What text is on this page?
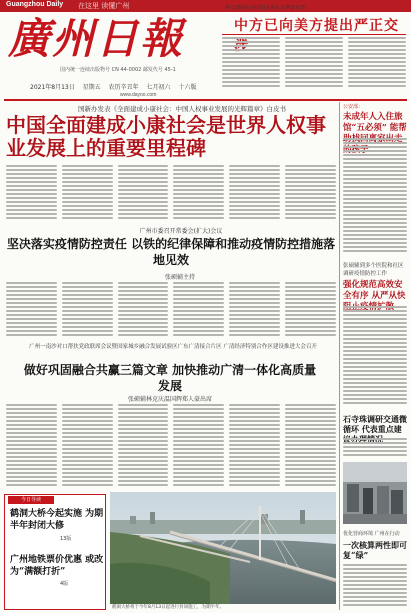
Guangzhou Daily 在这里 读懂广州
廣州日報
国内统一连续出版物号 CN 44-0002 邮发代号 45-1
2021年8月13日 星期五 农历辛丑年 七月初六 十六版
www.dayoo.com
外交部回应美国国会参议员窜访台湾
中方已向美方提出严正交涉
国新办发表《全面建成小康社会：中国人权事业发展的光辉篇章》白皮书
中国全面建成小康社会是世界人权事业发展上的重要里程碑
广州市委召开常委会(扩大)会议
坚决落实疫情防控责任 以铁的纪律保障和推动疫情防控措施落地见效
张硕辅主持
广州一南沙对口帮扶党政联席会议暨国家城乡融合发展试验区广东广清接合片区 广清经济特别合作区建设推进大会召开
做好巩固融合共赢三篇文章 加快推动广清一体化高质量发展
张硕辅林克庆温国辉郑人豪出席
今日导读
鹤洞大桥今起实施 为期半年封闭大修
13版
广州地铁票价优惠 或改为“满额打折”
4版
鹤洞大桥将于今年8月13日起进行封闭施工，为期半年。
公安部：
未成年人入住旅馆“五必须” 能帮
张硕辅到多个医院和社区调研疫情防控工作
强化规范高效安全有序 从严从快
石寺珠调研交通微循环 代表重点建
优化营商环境 广州在行动
一次核算两性即可复“绿”
